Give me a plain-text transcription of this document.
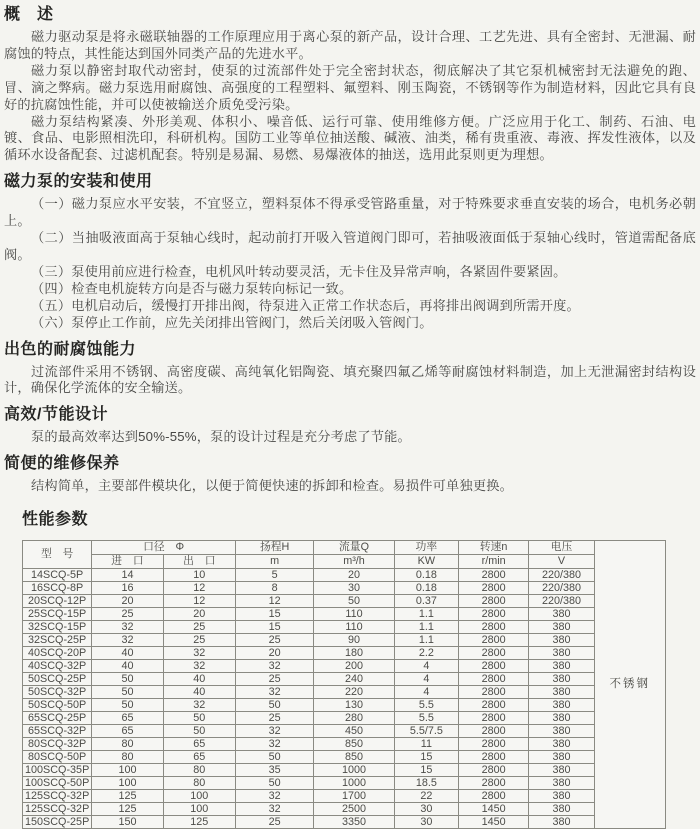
概　述

磁力驱动泵是将永磁联轴器的工作原理应用于离心泵的新产品，设计合理、工艺先进、具有全密封、无泄漏、耐腐蚀的特点，其性能达到国外同类产品的先进水平。

磁力泵以静密封取代动密封，使泵的过流部件处于完全密封状态，彻底解决了其它泵机械密封无法避免的跑、冒、滴之弊病。磁力泵选用耐腐蚀、高强度的工程塑料、氟塑料、刚玉陶瓷，不锈钢等作为制造材料，因此它具有良好的抗腐蚀性能，并可以使被输送介质免受污染。

磁力泵结构紧凑、外形美观、体积小、噪音低、运行可靠、使用维修方便。广泛应用于化工、制药、石油、电镀、食品、电影照相洗印，科研机构。国防工业等单位抽送酸、碱液、油类，稀有贵重液、毒液、挥发性液体，以及循环水设备配套、过滤机配套。特别是易漏、易燃、易爆液体的抽送，选用此泵则更为理想。

磁力泵的安装和使用

（一）磁力泵应水平安装，不宜竖立，塑料泵体不得承受管路重量，对于特殊要求垂直安装的场合，电机务必朝上。

（二）当抽吸液面高于泵轴心线时，起动前打开吸入管道阀门即可，若抽吸液面低于泵轴心线时，管道需配备底阀。

（三）泵使用前应进行检查，电机风叶转动要灵活，无卡住及异常声响，各紧固件要紧固。

（四）检查电机旋转方向是否与磁力泵转向标记一致。

（五）电机启动后，缓慢打开排出阀，待泵进入正常工作状态后，再将排出阀调到所需开度。

（六）泵停止工作前，应先关闭排出管阀门，然后关闭吸入管阀门。

出色的耐腐蚀能力

过流部件采用不锈钢、高密度碳、高纯氧化铝陶瓷、填充聚四氟乙烯等耐腐蚀材料制造，加上无泄漏密封结构设计，确保化学流体的安全输送。

高效/节能设计

泵的最高效率达到50%-55%，泵的设计过程是充分考虑了节能。

简便的维修保养

结构简单，主要部件模块化，以便于简便快速的拆卸和检查。易损件可单独更换。

性能参数
型　号	口径　Φ		扬程H	流量Q	功率	转速n	电压	不锈钢
	进　口	出　口	m	m³/h	KW	r/min	V	
14SCQ-5P	14	10	5	20	0.18	2800	220/380	
16SCQ-8P	16	12	8	30	0.18	2800	220/380	
20SCQ-12P	20	12	12	50	0.37	2800	220/380	
25SCQ-15P	25	20	15	110	1.1	2800	380	
32SCQ-15P	32	25	15	110	1.1	2800	380	
32SCQ-25P	32	25	25	90	1.1	2800	380	
40SCQ-20P	40	32	20	180	2.2	2800	380	
40SCQ-32P	40	32	32	200	4	2800	380	
50SCQ-25P	50	40	25	240	4	2800	380	
50SCQ-32P	50	40	32	220	4	2800	380	
50SCQ-50P	50	32	50	130	5.5	2800	380	
65SCQ-25P	65	50	25	280	5.5	2800	380	
65SCQ-32P	65	50	32	450	5.5/7.5	2800	380	
80SCQ-32P	80	65	32	850	11	2800	380	
80SCQ-50P	80	65	50	850	15	2800	380	
100SCQ-35P	100	80	35	1000	15	2800	380	
100SCQ-50P	100	80	50	1000	18.5	2800	380	
125SCQ-32P	125	100	32	1700	22	2800	380	
125SCQ-32P	125	100	32	2500	30	1450	380	
150SCQ-25P	150	125	25	3350	30	1450	380	
